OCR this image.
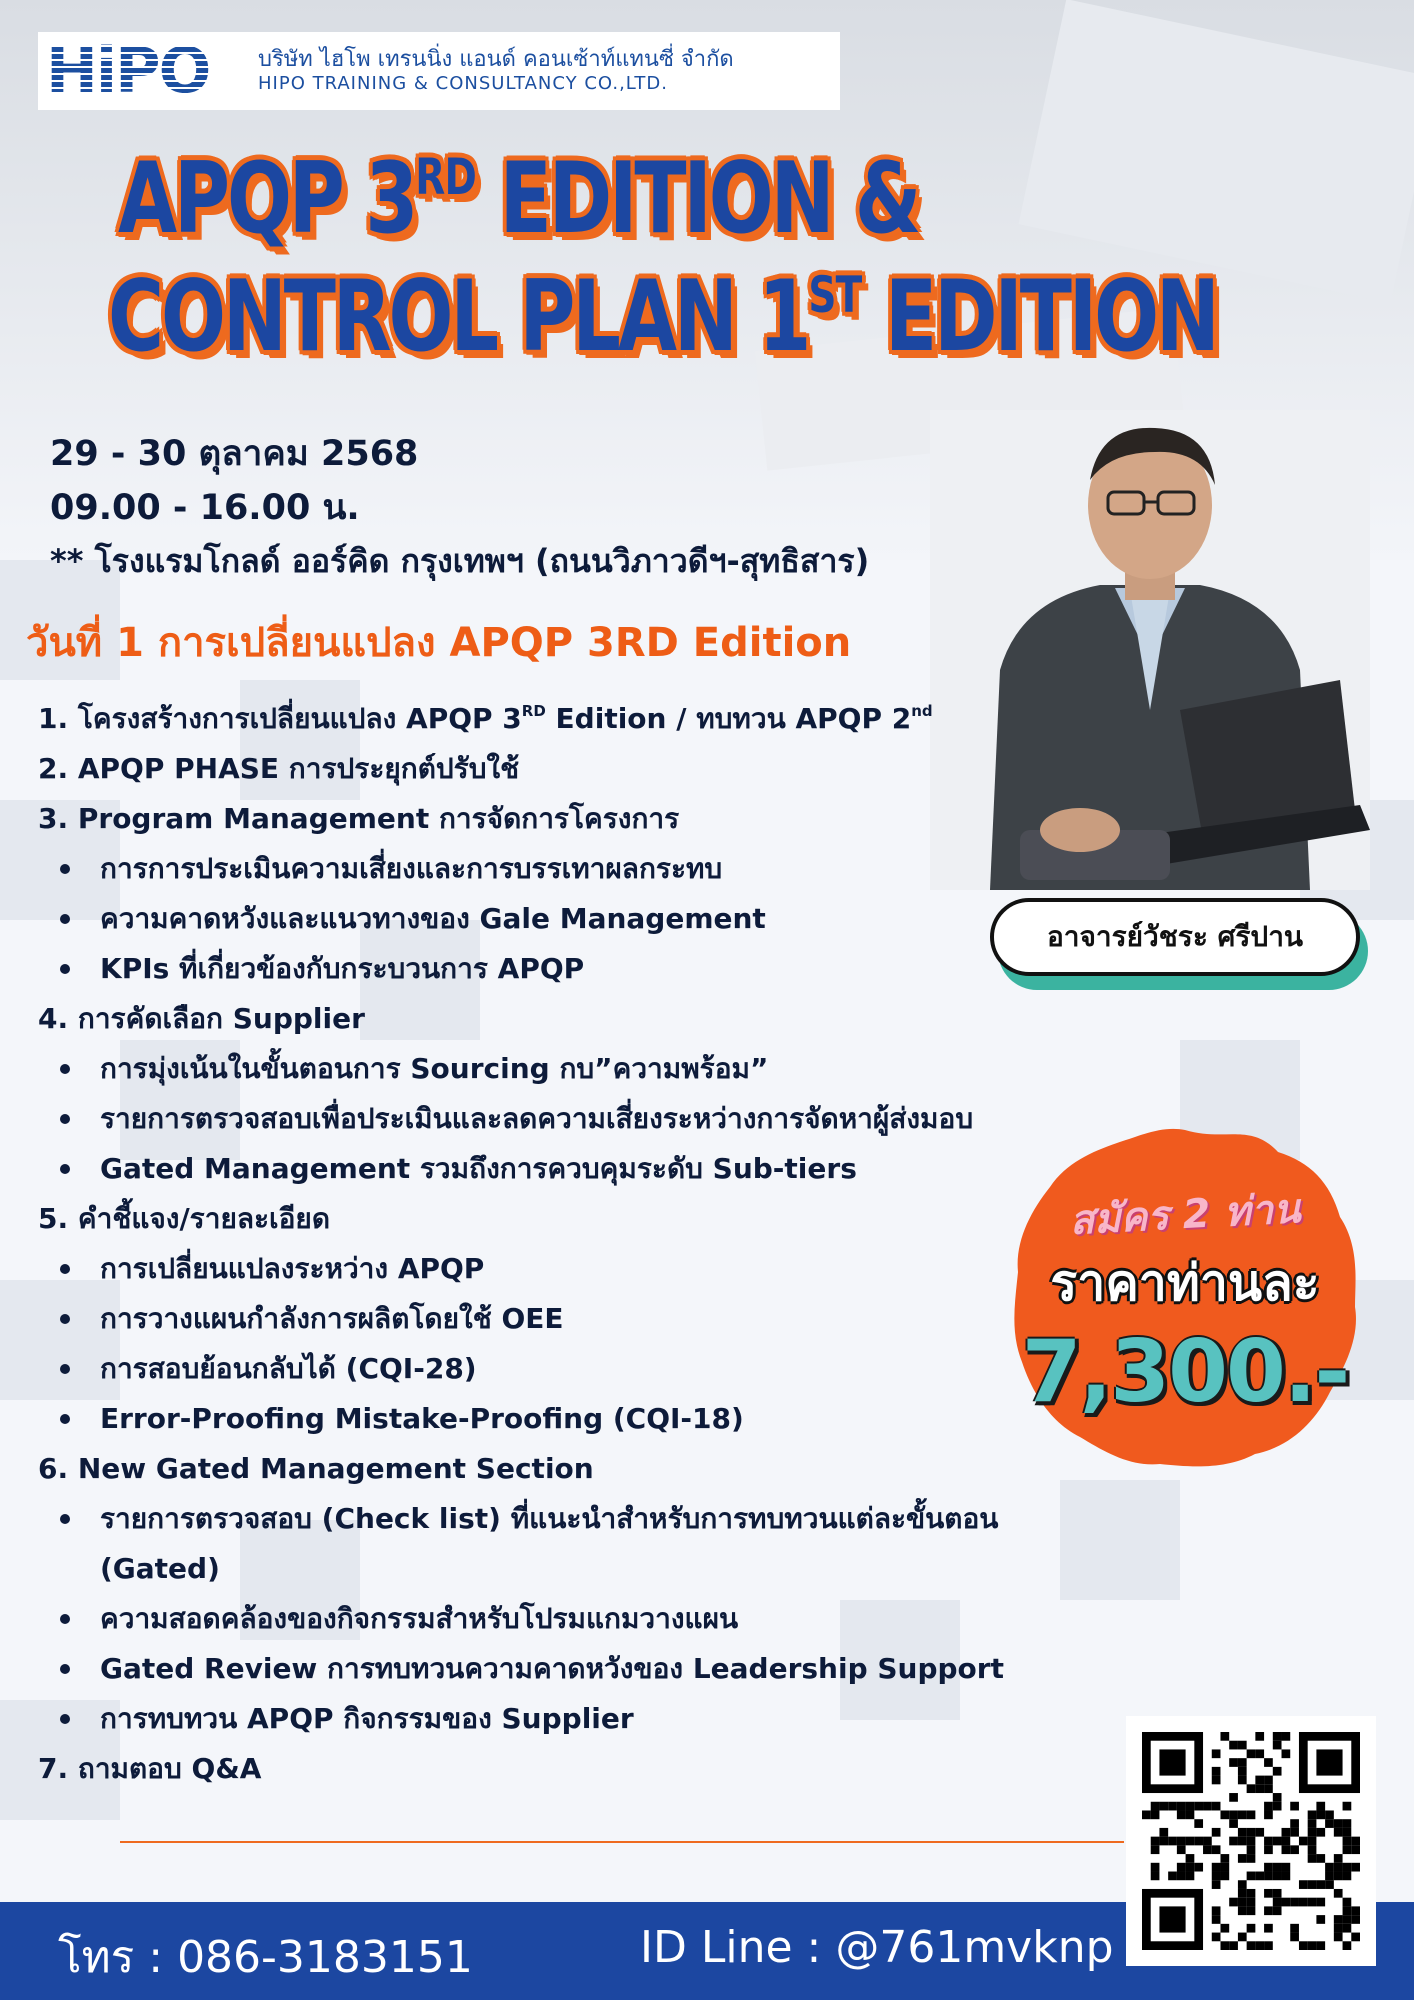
HiPO	บริษัท ไฮโพ เทรนนิ่ง แอนด์ คอนเซ้าท์แทนซี่ จำกัด
HIPO TRAINING & CONSULTANCY CO.,LTD.
APQP 3RD EDITION &
CONTROL PLAN 1ST EDITION
อาจารย์วัชระ ศรีปาน
29 - 30 ตุลาคม 2568
09.00 - 16.00 น.
** โรงแรมโกลด์ ออร์คิด กรุงเทพฯ (ถนนวิภาวดีฯ-สุทธิสาร)
วันที่ 1 การเปลี่ยนแปลง APQP 3RD Edition
1. โครงสร้างการเปลี่ยนแปลง APQP 3RD Edition / ทบทวน APQP 2nd
2. APQP PHASE การประยุกต์ปรับใช้
3. Program Management การจัดการโครงการ
การการประเมินความเสี่ยงและการบรรเทาผลกระทบ
ความคาดหวังและแนวทางของ Gale Management
KPIs ที่เกี่ยวข้องกับกระบวนการ APQP
4. การคัดเลือก Supplier
การมุ่งเน้นในขั้นตอนการ Sourcing กบ”ความพร้อม”
รายการตรวจสอบเพื่อประเมินและลดความเสี่ยงระหว่างการจัดหาผู้ส่งมอบ
Gated Management รวมถึงการควบคุมระดับ Sub-tiers
5. คำชี้แจง/รายละเอียด
การเปลี่ยนแปลงระหว่าง APQP
การวางแผนกำลังการผลิตโดยใช้ OEE
การสอบย้อนกลับได้ (CQI-28)
Error-Proofing Mistake-Proofing (CQI-18)
6. New Gated Management Section
รายการตรวจสอบ (Check list) ที่แนะนำสำหรับการทบทวนแต่ละขั้นตอน (Gated)
ความสอดคล้องของกิจกรรมสำหรับโปรมแกมวางแผน
Gated Review การทบทวนความคาดหวังของ Leadership Support
การทบทวน APQP กิจกรรมของ Supplier
7. ถามตอบ Q&A
สมัคร 2 ท่าน
ราคาท่านละ
7,300.-
โทร : 086-3183151	ID Line : @761mvknp
